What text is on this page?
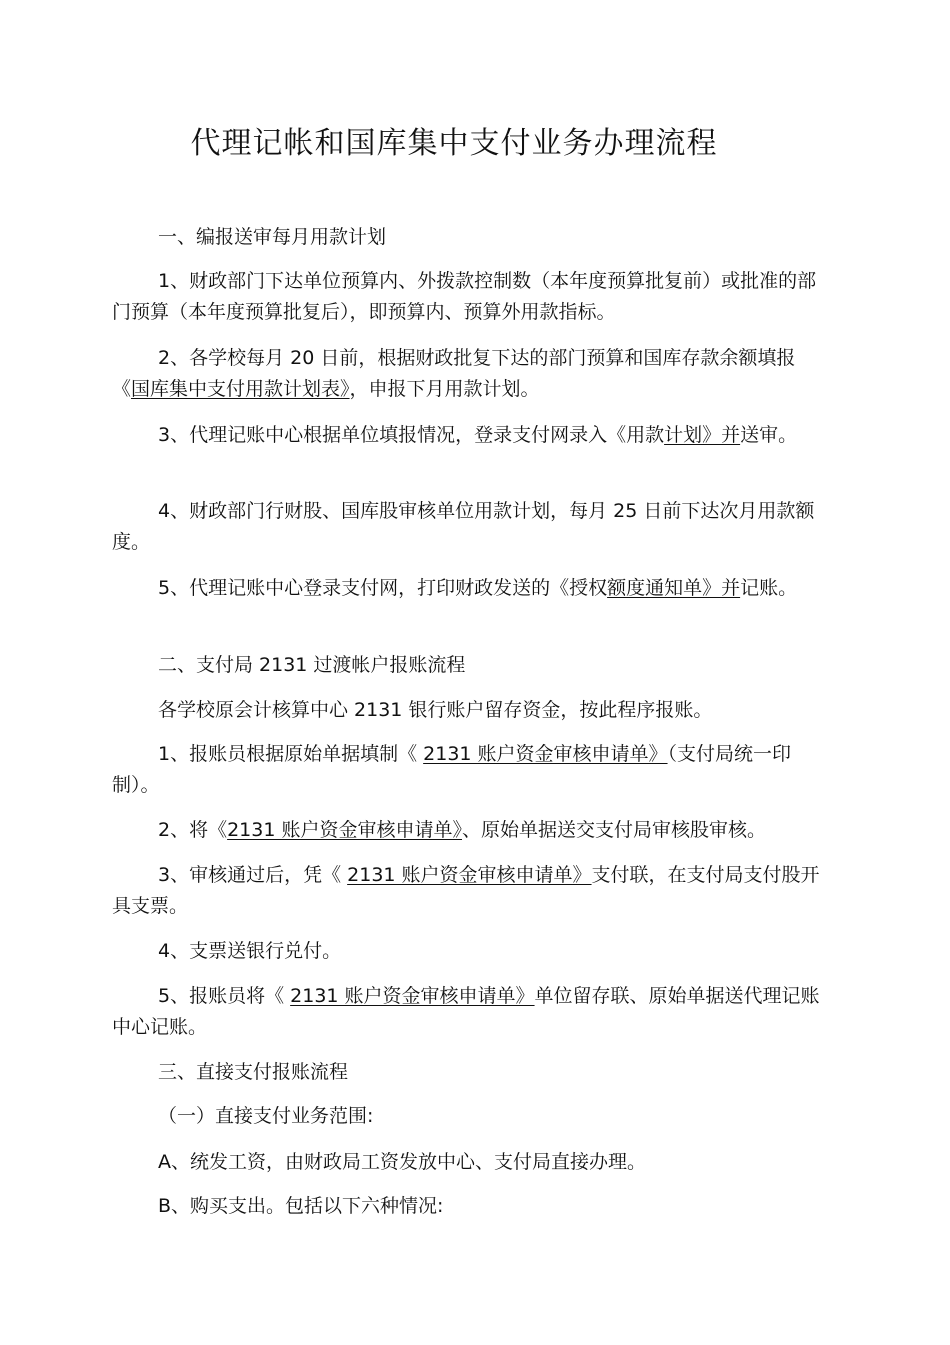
代理记帐和国库集中支付业务办理流程

一、编报送审每月用款计划

1、财政部门下达单位预算内、外拨款控制数（本年度预算批复前）或批准的部门预算（本年度预算批复后），即预算内、预算外用款指标。

2、各学校每月 20 日前，根据财政批复下达的部门预算和国库存款余额填报《国库集中支付用款计划表》，申报下月用款计划。

3、代理记账中心根据单位填报情况，登录支付网录入《用款计划》并送审。

4、财政部门行财股、国库股审核单位用款计划，每月 25 日前下达次月用款额度。

5、代理记账中心登录支付网，打印财政发送的《授权额度通知单》并记账。

二、支付局 2131 过渡帐户报账流程

各学校原会计核算中心 2131 银行账户留存资金，按此程序报账。

1、报账员根据原始单据填制《 2131 账户资金审核申请单》（支付局统一印制）。

2、将《2131 账户资金审核申请单》、原始单据送交支付局审核股审核。

3、审核通过后，凭《 2131 账户资金审核申请单》支付联，在支付局支付股开具支票。

4、支票送银行兑付。

5、报账员将《 2131 账户资金审核申请单》单位留存联、原始单据送代理记账中心记账。

三、直接支付报账流程

（一）直接支付业务范围:

A、统发工资，由财政局工资发放中心、支付局直接办理。

B、购买支出。包括以下六种情况:
